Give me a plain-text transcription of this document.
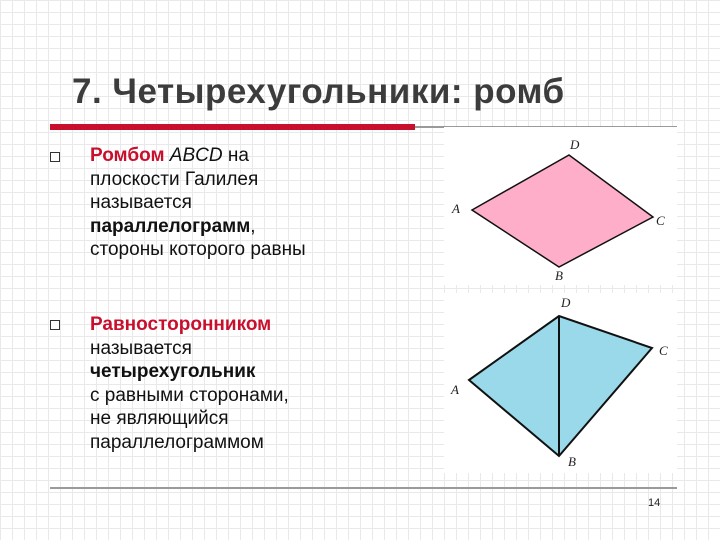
7. Четырехугольники: ромб
Ромбом ABCD на
плоскости Галилея
называется
параллелограмм,
стороны которого равны
Равносторонником
называется
четырехугольник
с равными сторонами,
не являющийся
параллелограммом
D
A
C
B
D
A
C
B
14
